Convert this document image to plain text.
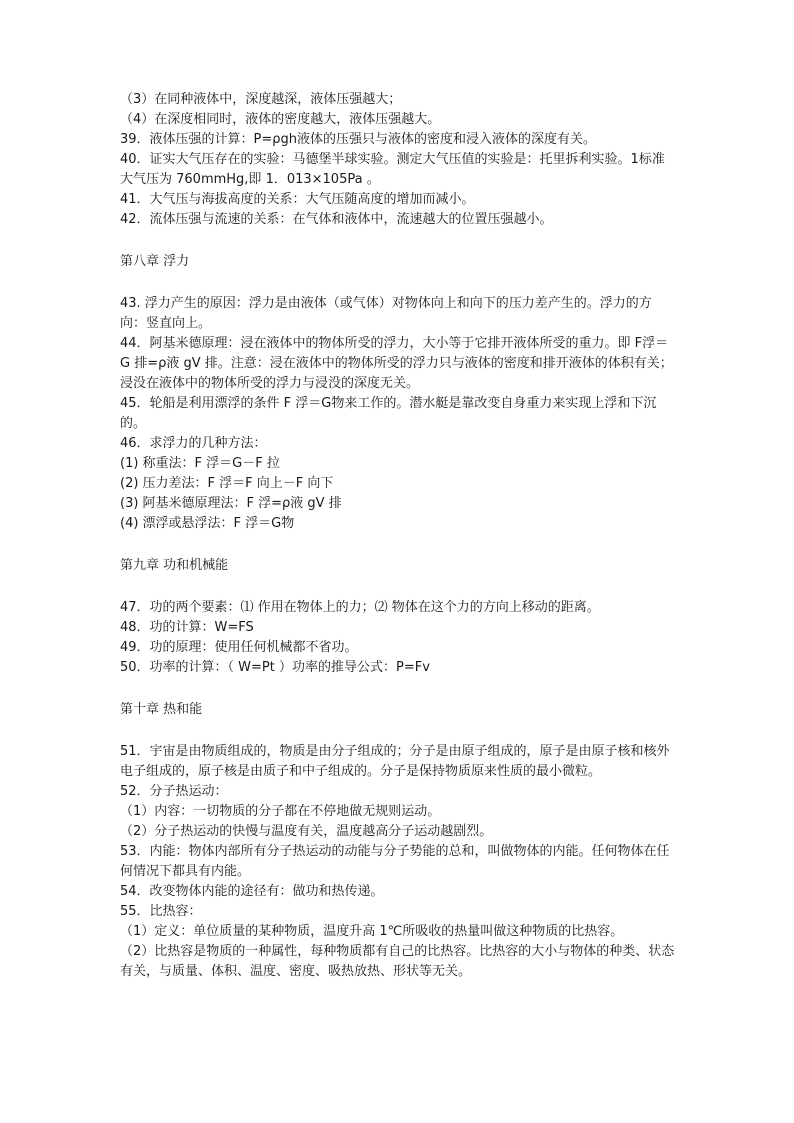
（3）在同种液体中，深度越深，液体压强越大；

（4）在深度相同时，液体的密度越大，液体压强越大。

39．液体压强的计算：P=ρgh液体的压强只与液体的密度和浸入液体的深度有关。

40．证实大气压存在的实验：马德堡半球实验。测定大气压值的实验是：托里拆利实验。1标准大气压为 760mmHg,即 1．013×105Pa 。

41．大气压与海拔高度的关系：大气压随高度的增加而减小。

42．流体压强与流速的关系：在气体和液体中，流速越大的位置压强越小。

第八章 浮力

43. 浮力产生的原因：浮力是由液体（或气体）对物体向上和向下的压力差产生的。浮力的方向：竖直向上。

44．阿基米德原理：浸在液体中的物体所受的浮力，大小等于它排开液体所受的重力。即 F浮＝G 排=ρ液 gV 排。注意：浸在液体中的物体所受的浮力只与液体的密度和排开液体的体积有关；浸没在液体中的物体所受的浮力与浸没的深度无关。

45．轮船是利用漂浮的条件 F 浮＝G物来工作的。潜水艇是靠改变自身重力来实现上浮和下沉的。

46．求浮力的几种方法：

(1) 称重法：F 浮＝G－F 拉

(2) 压力差法：F 浮＝F 向上－F 向下

(3) 阿基米德原理法：F 浮=ρ液 gV 排

(4) 漂浮或悬浮法：F 浮＝G物

第九章 功和机械能

47．功的两个要素：⑴ 作用在物体上的力；⑵ 物体在这个力的方向上移动的距离。

48．功的计算：W=FS

49．功的原理：使用任何机械都不省功。

50．功率的计算：（ W=Pt ）功率的推导公式：P=Fv

第十章 热和能

51．宇宙是由物质组成的，物质是由分子组成的；分子是由原子组成的，原子是由原子核和核外电子组成的，原子核是由质子和中子组成的。分子是保持物质原来性质的最小微粒。

52．分子热运动：

（1）内容：一切物质的分子都在不停地做无规则运动。

（2）分子热运动的快慢与温度有关，温度越高分子运动越剧烈。

53．内能：物体内部所有分子热运动的动能与分子势能的总和，叫做物体的内能。任何物体在任何情况下都具有内能。

54．改变物体内能的途径有：做功和热传递。

55．比热容：

（1）定义：单位质量的某种物质，温度升高 1℃所吸收的热量叫做这种物质的比热容。

（2）比热容是物质的一种属性，每种物质都有自己的比热容。比热容的大小与物体的种类、状态有关，与质量、体积、温度、密度、吸热放热、形状等无关。
